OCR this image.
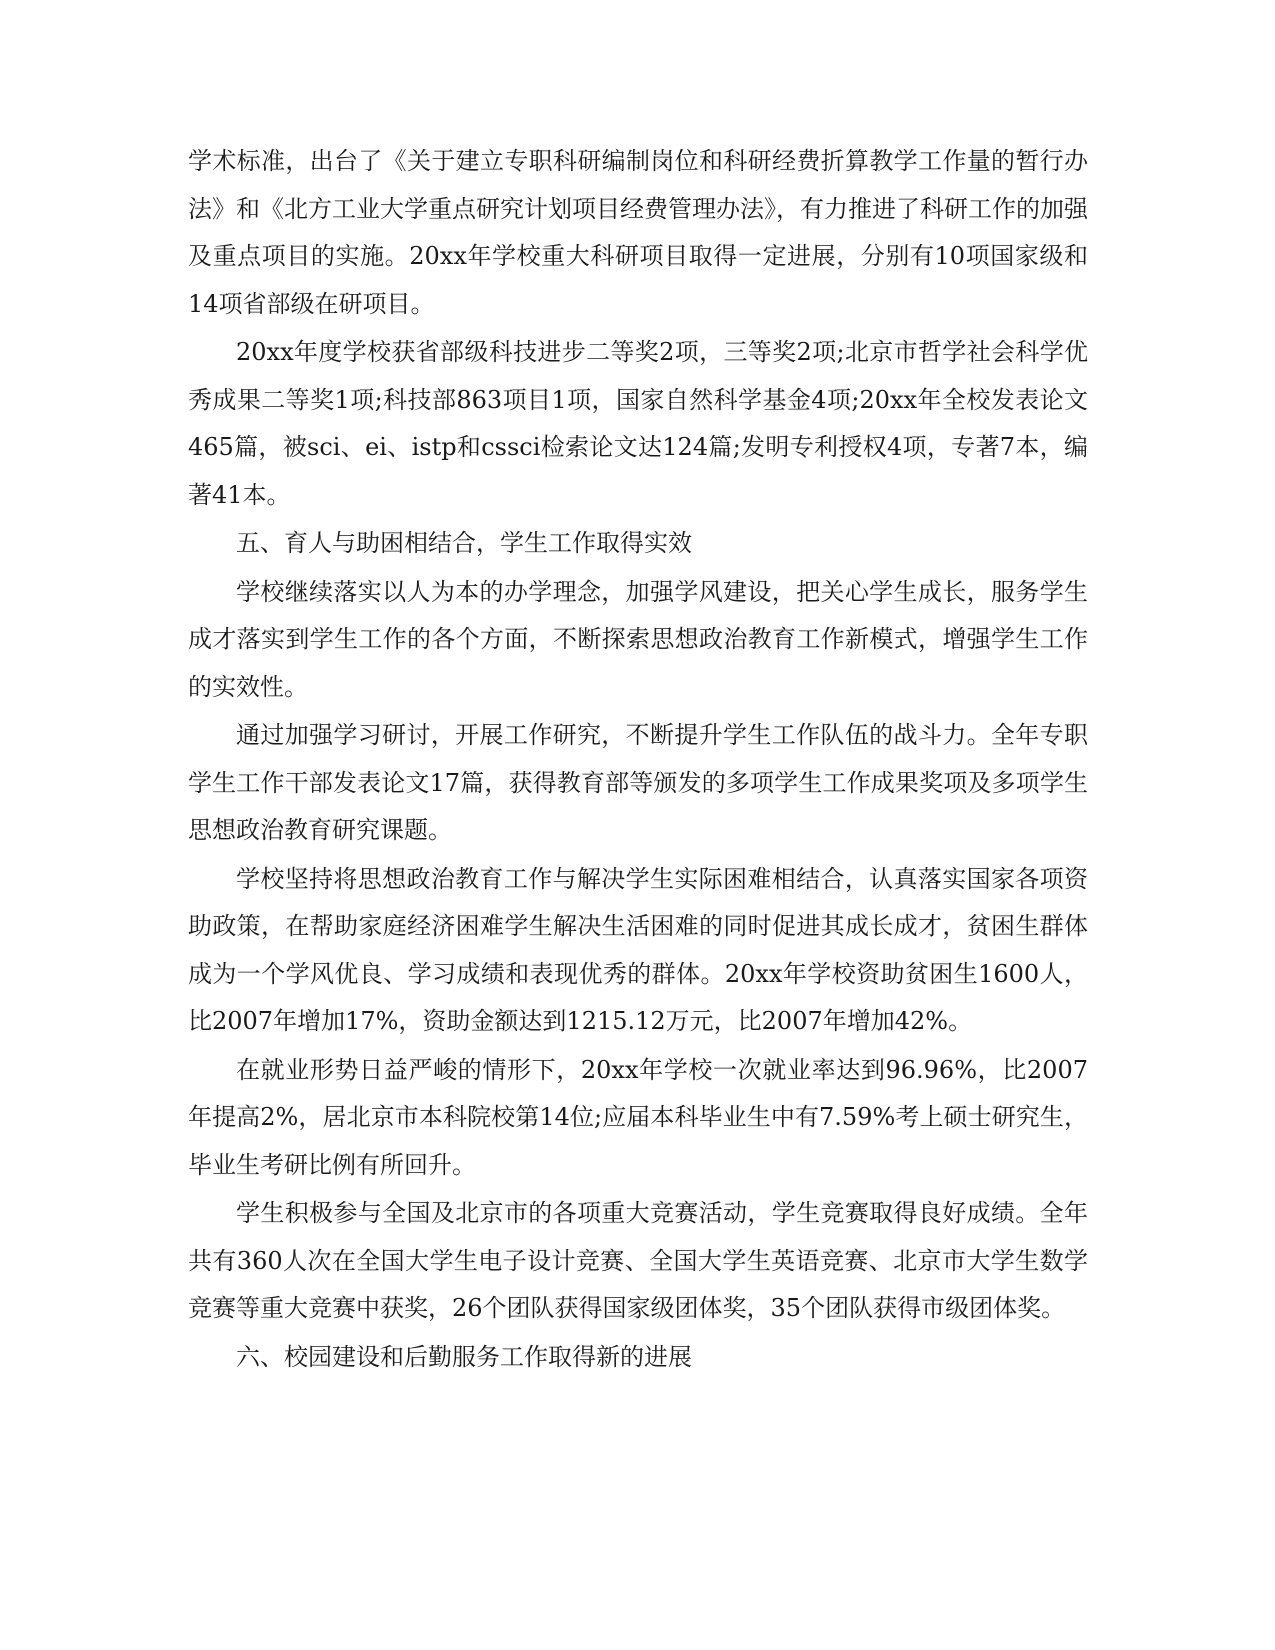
学术标准，出台了《关于建立专职科研编制岗位和科研经费折算教学工作量的暂行办法》和《北方工业大学重点研究计划项目经费管理办法》，有力推进了科研工作的加强及重点项目的实施。20xx年学校重大科研项目取得一定进展，分别有10项国家级和14项省部级在研项目。

20xx年度学校获省部级科技进步二等奖2项，三等奖2项;北京市哲学社会科学优秀成果二等奖1项;科技部863项目1项，国家自然科学基金4项;20xx年全校发表论文465篇，被sci、ei、istp和cssci检索论文达124篇;发明专利授权4项，专著7本，编著41本。

五、育人与助困相结合，学生工作取得实效

学校继续落实以人为本的办学理念，加强学风建设，把关心学生成长，服务学生成才落实到学生工作的各个方面，不断探索思想政治教育工作新模式，增强学生工作的实效性。

通过加强学习研讨，开展工作研究，不断提升学生工作队伍的战斗力。全年专职学生工作干部发表论文17篇，获得教育部等颁发的多项学生工作成果奖项及多项学生思想政治教育研究课题。

学校坚持将思想政治教育工作与解决学生实际困难相结合，认真落实国家各项资助政策，在帮助家庭经济困难学生解决生活困难的同时促进其成长成才，贫困生群体成为一个学风优良、学习成绩和表现优秀的群体。20xx年学校资助贫困生1600人，比2007年增加17%，资助金额达到1215.12万元，比2007年增加42%。

在就业形势日益严峻的情形下，20xx年学校一次就业率达到96.96%，比2007年提高2%，居北京市本科院校第14位;应届本科毕业生中有7.59%考上硕士研究生，毕业生考研比例有所回升。

学生积极参与全国及北京市的各项重大竞赛活动，学生竞赛取得良好成绩。全年共有360人次在全国大学生电子设计竞赛、全国大学生英语竞赛、北京市大学生数学竞赛等重大竞赛中获奖，26个团队获得国家级团体奖，35个团队获得市级团体奖。

六、校园建设和后勤服务工作取得新的进展
